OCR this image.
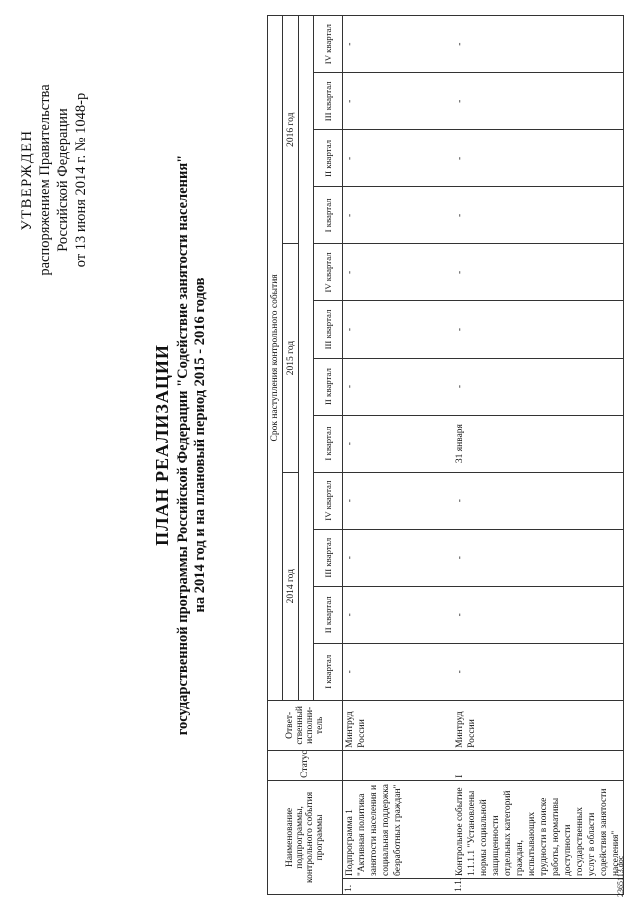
УТВЕРЖДЕН распоряжением Правительства Российской Федерации от 13 июня 2014 г. № 1048-р
ПЛАН РЕАЛИЗАЦИИ государственной программы Российской Федерации "Содействие занятости населения" на 2014 год и на плановый период 2015 - 2016 годов
Наименование подпрограммы, контрольного события программы		Статус	Ответ-ственный исполни-тель	Срок наступления контрольного события											
				2014 год				2015 год				2016 год			

				I квартал	II квартал	III квартал	IV квартал	I квартал	II квартал	III квартал	IV квартал	I квартал	II квартал	III квартал	IV квартал
1.	Подпрограмма 1 "Активная политика занятости населения и социальная поддержка безработных граждан"		Минтруд России	-	-	-	-	-	-	-	-	-	-	-	-
1.1.	Контрольное событие 1.1.1.1 "Установлены нормы социальной защищенности отдельных категорий граждан, испытывающих трудности в поиске работы, нормативы доступности государственных услуг в области содействия занятости населения"	I	Минтруд России	-	-	-	-	31 января	-	-	-	-	-	-	-
2365113.doc
